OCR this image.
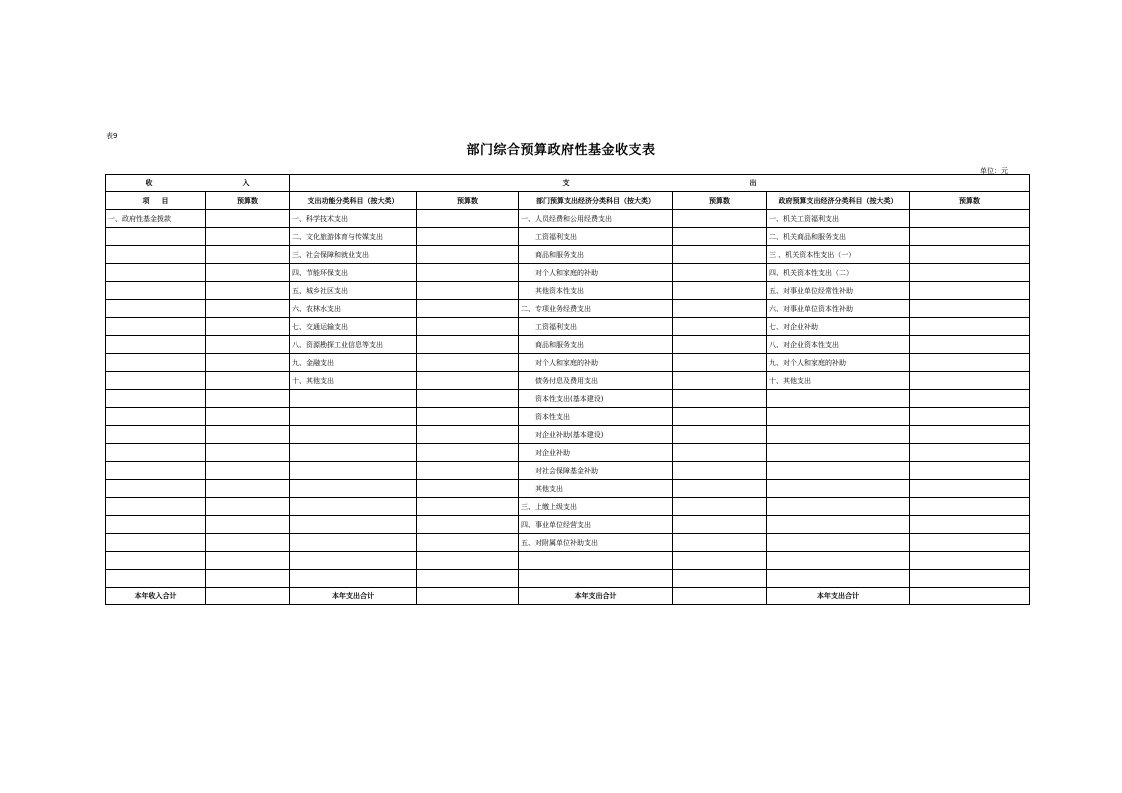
表9
部门综合预算政府性基金收支表
单位：元
收 入		支 出					
项 目	预算数	支出功能分类科目（按大类）	预算数	部门预算支出经济分类科目（按大类）	预算数	政府预算支出经济分类科目（按大类）	预算数
一、政府性基金拨款		一、科学技术支出		一、人员经费和公用经费支出		一、机关工资福利支出	
		二、文化旅游体育与传媒支出		工资福利支出		二、机关商品和服务支出	
		三、社会保障和就业支出		商品和服务支出		三 、机关资本性支出（一）	
		四、节能环保支出		对个人和家庭的补助		四、机关资本性支出（二）	
		五、城乡社区支出		其他资本性支出		五、对事业单位经常性补助	
		六、农林水支出		二、专项业务经费支出		六、对事业单位资本性补助	
		七、交通运输支出		工资福利支出		七、对企业补助	
		八、资源勘探工业信息等支出		商品和服务支出		八、对企业资本性支出	
		九、金融支出		对个人和家庭的补助		九、对个人和家庭的补助	
		十、其他支出		债务付息及费用支出		十、其他支出	
				资本性支出(基本建设)			
				资本性支出			
				对企业补助(基本建设)			
				对企业补助			
				对社会保障基金补助			
				其他支出			
				三、上缴上级支出			
				四、事业单位经营支出			
				五、对附属单位补助支出			

本年收入合计		本年支出合计		本年支出合计		本年支出合计	
